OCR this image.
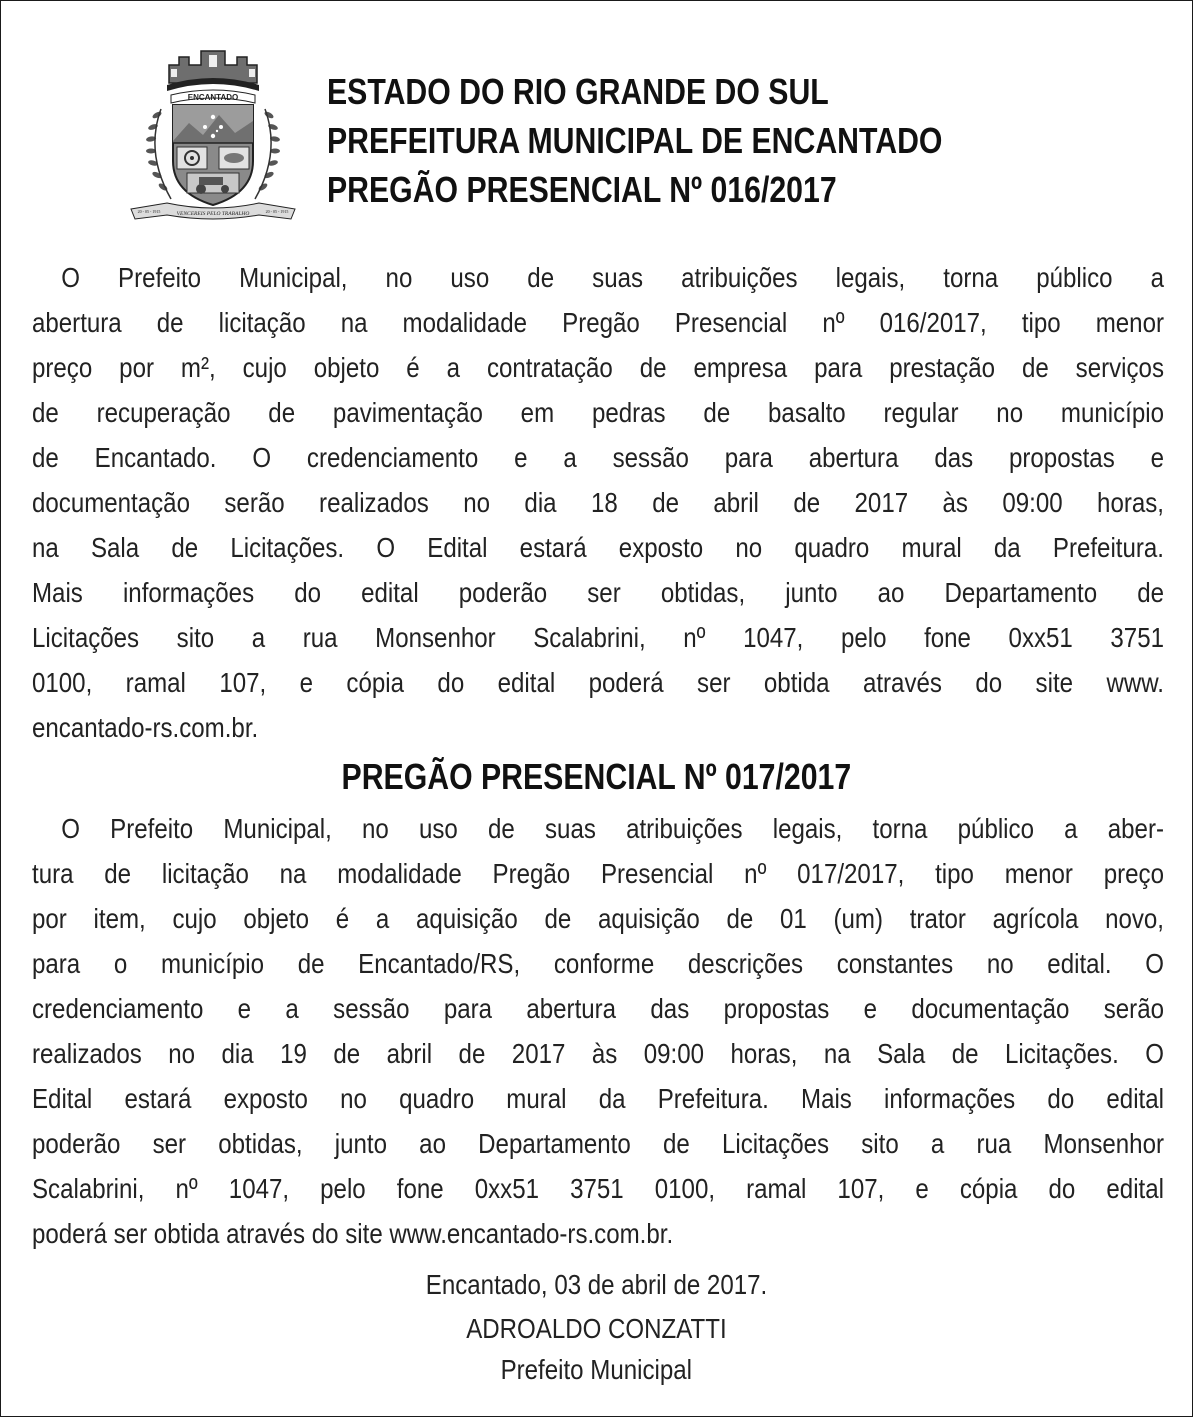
ENCANTADO
VENCEREIS PELO TRABALHO
20 - 05 - 1915	20 - 05 - 1915
ESTADO DO RIO GRANDE DO SUL
PREFEITURA MUNICIPAL DE ENCANTADO
PREGÃO PRESENCIAL Nº 016/2017
O Prefeito Municipal, no uso de suas atribuições legais, torna público a
abertura de licitação na modalidade Pregão Presencial nº 016/2017, tipo menor
preço por m², cujo objeto é a contratação de empresa para prestação de serviços
de recuperação de pavimentação em pedras de basalto regular no município
de Encantado. O credenciamento e a sessão para abertura das propostas e
documentação serão realizados no dia 18 de abril de 2017 às 09:00 horas,
na Sala de Licitações. O Edital estará exposto no quadro mural da Prefeitura.
Mais informações do edital poderão ser obtidas, junto ao Departamento de
Licitações sito a rua Monsenhor Scalabrini, nº 1047, pelo fone 0xx51 3751
0100, ramal 107, e cópia do edital poderá ser obtida através do site www.
encantado-rs.com.br.
PREGÃO PRESENCIAL Nº 017/2017
O Prefeito Municipal, no uso de suas atribuições legais, torna público a aber-
tura de licitação na modalidade Pregão Presencial nº 017/2017, tipo menor preço
por item, cujo objeto é a aquisição de aquisição de 01 (um) trator agrícola novo,
para o município de Encantado/RS, conforme descrições constantes no edital. O
credenciamento e a sessão para abertura das propostas e documentação serão
realizados no dia 19 de abril de 2017 às 09:00 horas, na Sala de Licitações. O
Edital estará exposto no quadro mural da Prefeitura. Mais informações do edital
poderão ser obtidas, junto ao Departamento de Licitações sito a rua Monsenhor
Scalabrini, nº 1047, pelo fone 0xx51 3751 0100, ramal 107, e cópia do edital
poderá ser obtida através do site www.encantado-rs.com.br.
Encantado, 03 de abril de 2017.
ADROALDO CONZATTI
Prefeito Municipal
